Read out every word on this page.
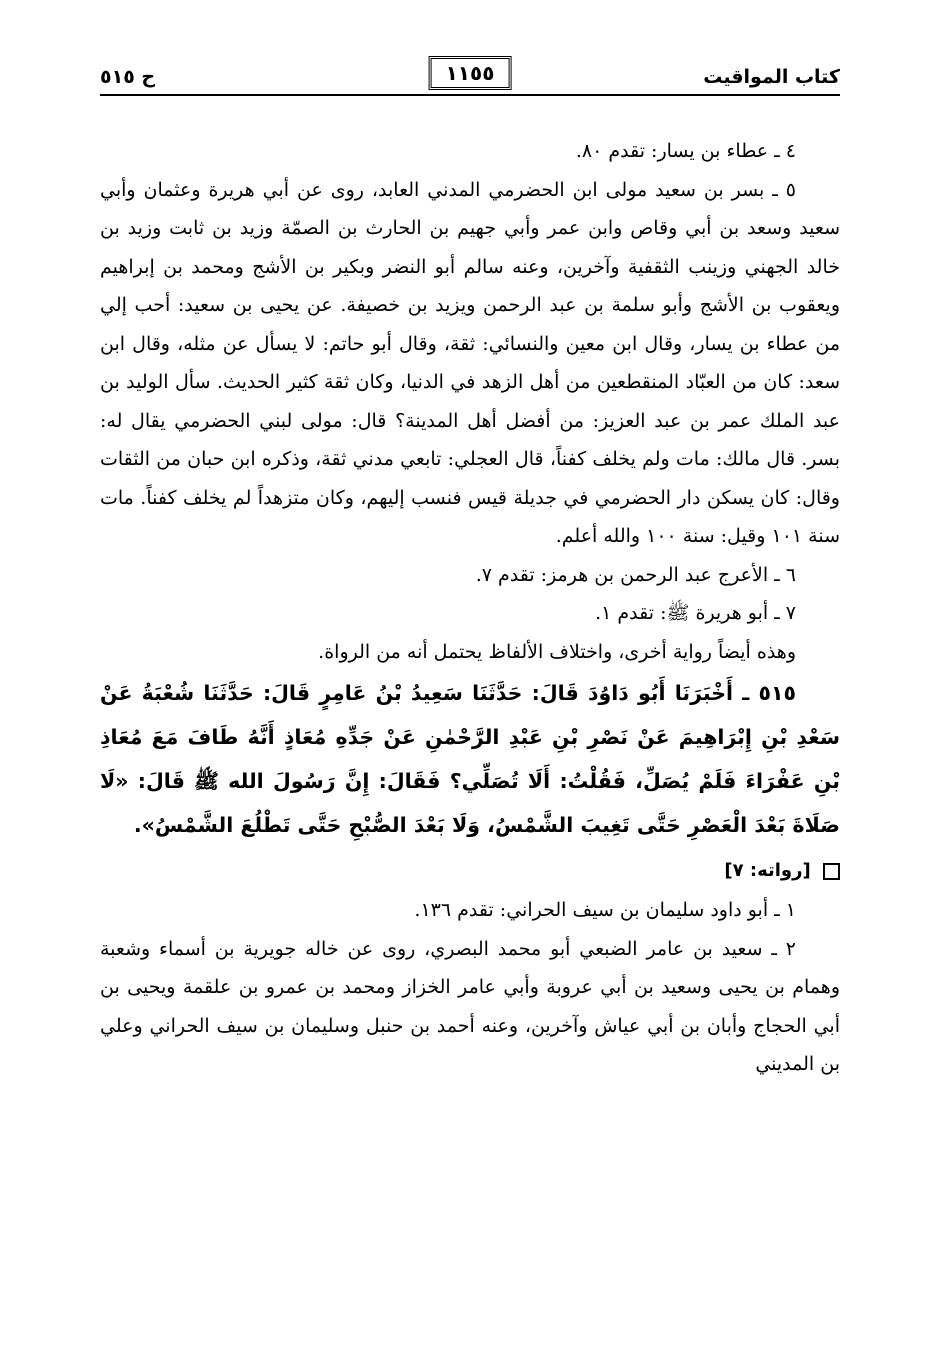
كتاب المواقيت
١١٥٥
ح ٥١٥

٤ ـ عطاء بن يسار: تقدم ٨٠.

٥ ـ بسر بن سعيد مولى ابن الحضرمي المدني العابد، روى عن أبي هريرة وعثمان وأبي سعيد وسعد بن أبي وقاص وابن عمر وأبي جهيم بن الحارث بن الصمّة وزيد بن ثابت وزيد بن خالد الجهني وزينب الثقفية وآخرين، وعنه سالم أبو النضر وبكير بن الأشج ومحمد بن إبراهيم ويعقوب بن الأشج وأبو سلمة بن عبد الرحمن ويزيد بن خصيفة. عن يحيى بن سعيد: أحب إلي من عطاء بن يسار، وقال ابن معين والنسائي: ثقة، وقال أبو حاتم: لا يسأل عن مثله، وقال ابن سعد: كان من العبّاد المنقطعين من أهل الزهد في الدنيا، وكان ثقة كثير الحديث. سأل الوليد بن عبد الملك عمر بن عبد العزيز: من أفضل أهل المدينة؟ قال: مولى لبني الحضرمي يقال له: بسر. قال مالك: مات ولم يخلف كفناً، قال العجلي: تابعي مدني ثقة، وذكره ابن حبان من الثقات وقال: كان يسكن دار الحضرمي في جديلة قيس فنسب إليهم، وكان متزهداً لم يخلف كفناً. مات سنة ١٠١ وقيل: سنة ١٠٠ والله أعلم.

٦ ـ الأعرج عبد الرحمن بن هرمز: تقدم ٧.

٧ ـ أبو هريرة ﷺ: تقدم ١.

وهذه أيضاً رواية أخرى، واختلاف الألفاظ يحتمل أنه من الرواة.

٥١٥ ـ أَخْبَرَنَا أَبُو دَاوُدَ قَالَ: حَدَّثَنَا سَعِيدُ بْنُ عَامِرٍ قَالَ: حَدَّثَنَا شُعْبَةُ عَنْ سَعْدِ بْنِ إِبْرَاهِيمَ عَنْ نَصْرِ بْنِ عَبْدِ الرَّحْمٰنِ عَنْ جَدِّهِ مُعَاذٍ أَنَّهُ طَافَ مَعَ مُعَاذِ بْنِ عَفْرَاءَ فَلَمْ يُصَلِّ، فَقُلْتُ: أَلَا تُصَلِّي؟ فَقَالَ: إِنَّ رَسُولَ الله ﷺ قَالَ: «لَا صَلَاةَ بَعْدَ الْعَصْرِ حَتَّى تَغِيبَ الشَّمْسُ، وَلَا بَعْدَ الصُّبْحِ حَتَّى تَطْلُعَ الشَّمْسُ».

[رواته: ٧]

١ ـ أبو داود سليمان بن سيف الحراني: تقدم ١٣٦.

٢ ـ سعيد بن عامر الضبعي أبو محمد البصري، روى عن خاله جويرية بن أسماء وشعبة وهمام بن يحيى وسعيد بن أبي عروبة وأبي عامر الخزاز ومحمد بن عمرو بن علقمة ويحيى بن أبي الحجاج وأبان بن أبي عياش وآخرين، وعنه أحمد بن حنبل وسليمان بن سيف الحراني وعلي بن المديني
